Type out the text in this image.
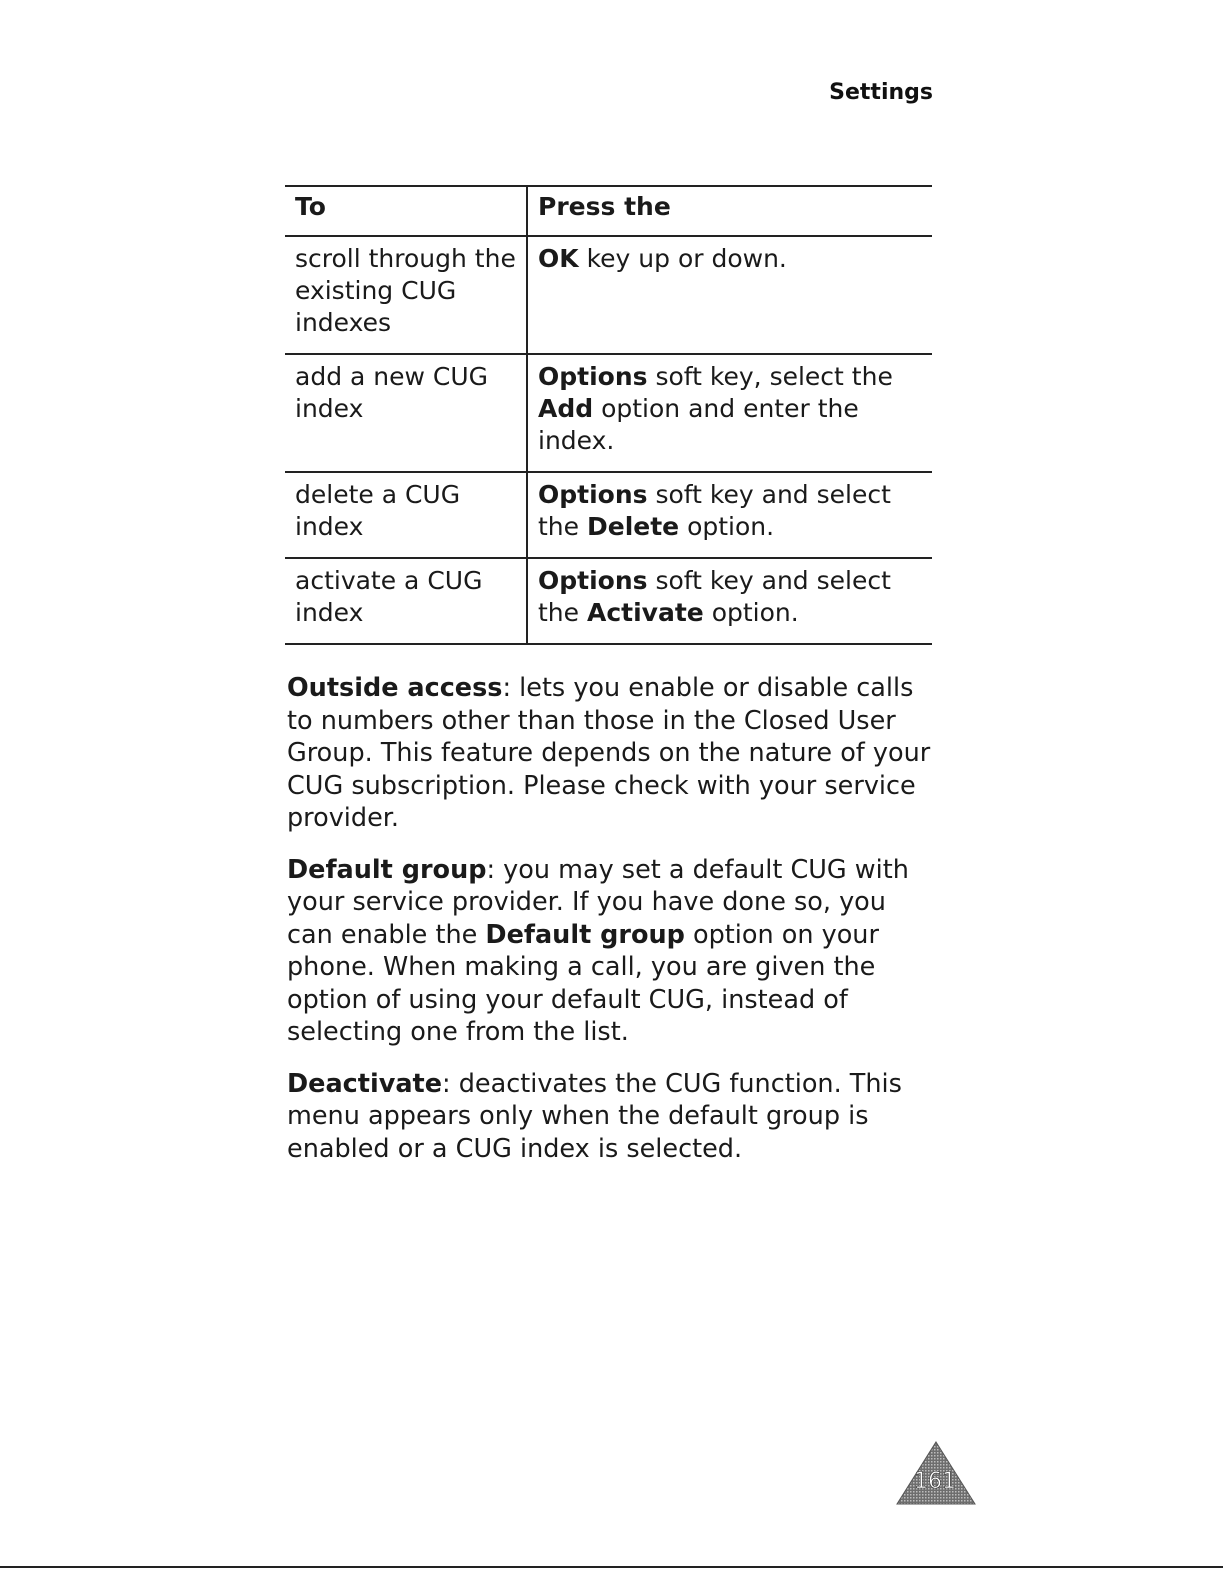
Settings
To	Press the
scroll through the existing CUG indexes
OK key up or down.
add a new CUG index
Options soft key, select the Add option and enter the index.
delete a CUG index
Options soft key and select the Delete option.
activate a CUG index
Options soft key and select the Activate option.

Outside access: lets you enable or disable calls to numbers other than those in the Closed User Group. This feature depends on the nature of your CUG subscription. Please check with your service provider.

Default group: you may set a default CUG with your service provider. If you have done so, you can enable the Default group option on your phone. When making a call, you are given the option of using your default CUG, instead of selecting one from the list.

Deactivate: deactivates the CUG function. This menu appears only when the default group is enabled or a CUG index is selected.

161
